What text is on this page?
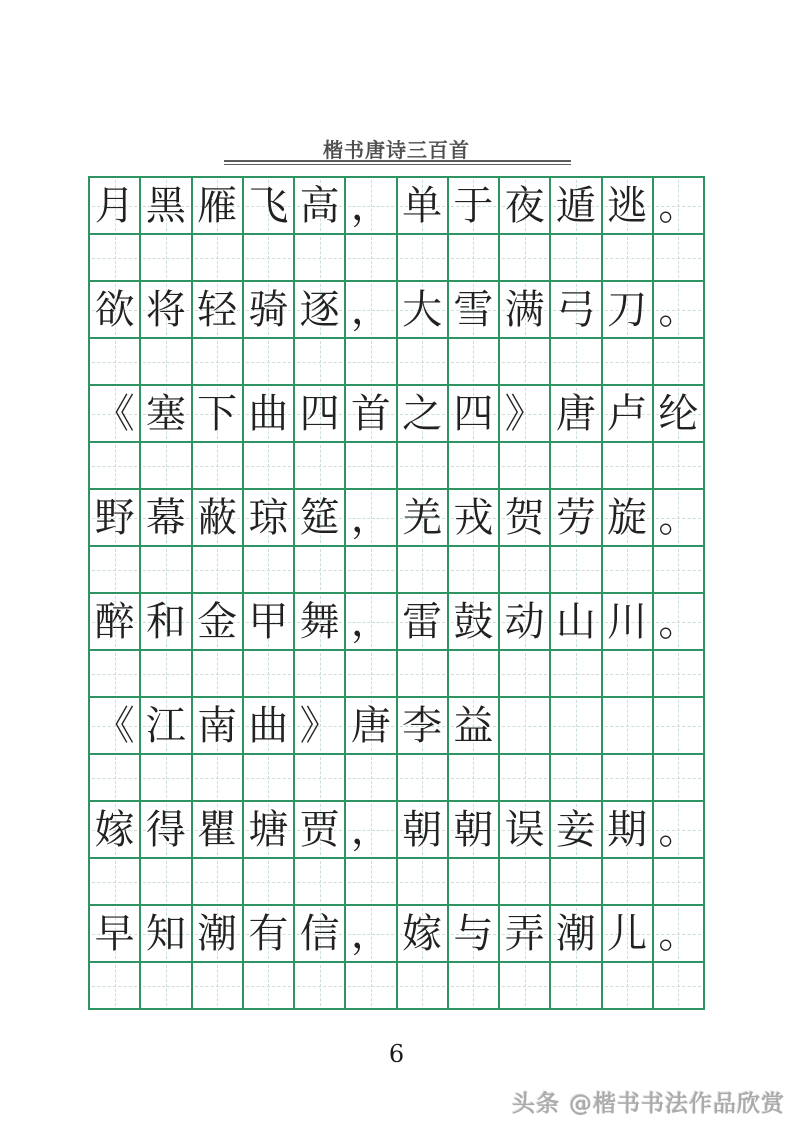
楷书唐诗三百首
月 黑 雁 飞 高 ， 单 于 夜 遁 逃 。
欲 将 轻 骑 逐 ， 大 雪 满 弓 刀 。
《 塞 下 曲 四 首 之 四 》 唐 卢 纶
野 幕 蔽 琼 筵 ， 羌 戎 贺 劳 旋 。
醉 和 金 甲 舞 ， 雷 鼓 动 山 川 。
《 江 南 曲 》 唐 李 益
嫁 得 瞿 塘 贾 ， 朝 朝 误 妾 期 。
早 知 潮 有 信 ， 嫁 与 弄 潮 儿 。
6
头条 @楷书书法作品欣赏
